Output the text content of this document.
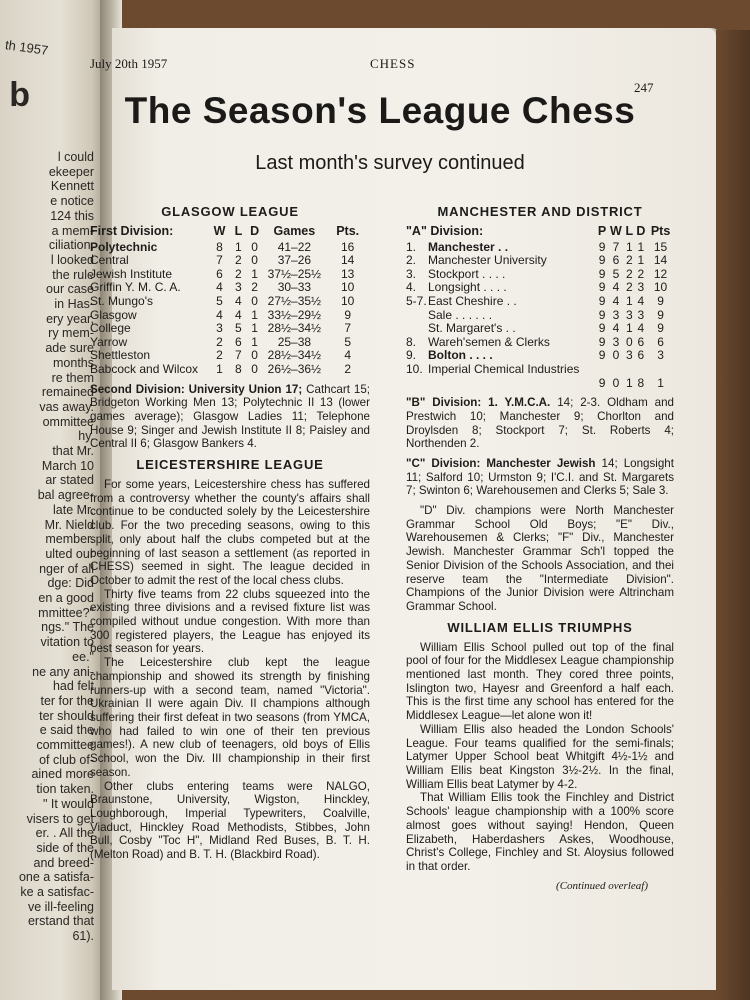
th 1957
b
l could
ekeeper
Kennett
e notice
124 this
a mem-
ciliation,
l looked
the rule
our case
in Has-
ery year,
ry mem-
ade sure
months
re them
remained
vas away.
ommittee
hy.
that Mr.
March 10
ar stated
bal agree-
late Mr.
Mr. Nield
member.
ulted our
nger of all
dge: Did
en a good
mmittee?"
ngs." The
vitation to
ee."
ne any ani-
had felt
ter for the
ter should
e said the
committee
of club of-
ained more
tion taken.
" It would
visers to get
er. . All the
side of the
and breed-
one a satisfa-
ke a satisfac-
ve ill-feeling
erstand that
61).
July 20th 1957	CHESS
247
The Season's League Chess
Last month's survey continued
GLASGOW LEAGUE
First Division:	W	L	D	Games	Pts.
Polytechnic	8	1	0	41–22	16
Central	7	2	0	37–26	14
Jewish Institute	6	2	1	37½–25½	13
Griffin Y. M. C. A.	4	3	2	30–33	10
St. Mungo's	5	4	0	27½–35½	10
Glasgow	4	4	1	33½–29½	9
College	3	5	1	28½–34½	7
Yarrow	2	6	1	25–38	5
Shettleston	2	7	0	28½–34½	4
Babcock and Wilcox	1	8	0	26½–36½	2

Second Division: University Union 17; Cathcart 15; Bridgeton Working Men 13; Polytechnic II 13 (lower games average); Glasgow Ladies 11; Telephone House 9; Singer and Jewish Institute II 8; Paisley and Central II 6; Glasgow Bankers 4.

LEICESTERSHIRE LEAGUE

For some years, Leicestershire chess has suffered from a controversy whether the county's affairs shall continue to be conducted solely by the Leicestershire club. For the two preceding seasons, owing to this split, only about half the clubs competed but at the beginning of last season a settlement (as reported in CHESS) seemed in sight. The league decided in October to admit the rest of the local chess clubs.

Thirty five teams from 22 clubs squeezed into the existing three divisions and a revised fixture list was compiled without undue congestion. With more than 300 registered players, the League has enjoyed its best season for years.

The Leicestershire club kept the league championship and showed its strength by finishing runners-up with a second team, named "Victoria". Ukrainian II were again Div. II champions although suffering their first defeat in two seasons (from YMCA, who had failed to win one of their ten previous games!). A new club of teenagers, old boys of Ellis School, won the Div. III championship in their first season.

Other clubs entering teams were NALGO, Braunstone, University, Wigston, Hinckley, Loughborough, Imperial Typewriters, Coalville, Viaduct, Hinckley Road Methodists, Stibbes, John Bull, Cosby "Toc H", Midland Red Buses, B. T. H. (Melton Road) and B. T. H. (Blackbird Road).

MANCHESTER AND DISTRICT
"A" Division:		P	W	L	D	Pts
1.	Manchester . .	9	7	1	1	15
2.	Manchester University	9	6	2	1	14
3.	Stockport . . . .	9	5	2	2	12
4.	Longsight . . . .	9	4	2	3	10
5-7.	East Cheshire . .	9	4	1	4	9
	Sale . . . . . .	9	3	3	3	9
	St. Margaret's . .	9	4	1	4	9
8.	Wareh'semen & Clerks	9	3	0	6	6
9.	Bolton . . . .	9	0	3	6	3
10.	Imperial Chemical Industries					
		9	0	1	8	1

"B" Division: 1. Y.M.C.A. 14; 2-3. Oldham and Prestwich 10; Manchester 9; Chorlton and Droylsden 8; Stockport 7; St. Roberts 4; Northenden 2.

"C" Division: Manchester Jewish 14; Longsight 11; Salford 10; Urmston 9; I'C.I. and St. Margarets 7; Swinton 6; Warehousemen and Clerks 5; Sale 3.

"D" Div. champions were North Manchester Grammar School Old Boys; "E" Div., Warehousemen & Clerks; "F" Div., Manchester Jewish. Manchester Grammar Sch'l topped the Senior Division of the Schools Association, and thei reserve team the "Intermediate Division". Champions of the Junior Division were Altrincham Grammar School.

WILLIAM ELLIS TRIUMPHS

William Ellis School pulled out top of the final pool of four for the Middlesex League championship mentioned last month. They cored three points, Islington two, Hayesr and Greenford a half each. This is the first time any school has entered for the Middlesex League—let alone won it!

William Ellis also headed the London Schools' League. Four teams qualified for the semi-finals; Latymer Upper School beat Whitgift 4½-1½ and William Ellis beat Kingston 3½-2½. In the final, William Ellis beat Latymer by 4-2.

That William Ellis took the Finchley and District Schools' league championship with a 100% score almost goes without saying! Hendon, Queen Elizabeth, Haberdashers Askes, Woodhouse, Christ's College, Finchley and St. Aloysius followed in that order.

(Continued overleaf)
